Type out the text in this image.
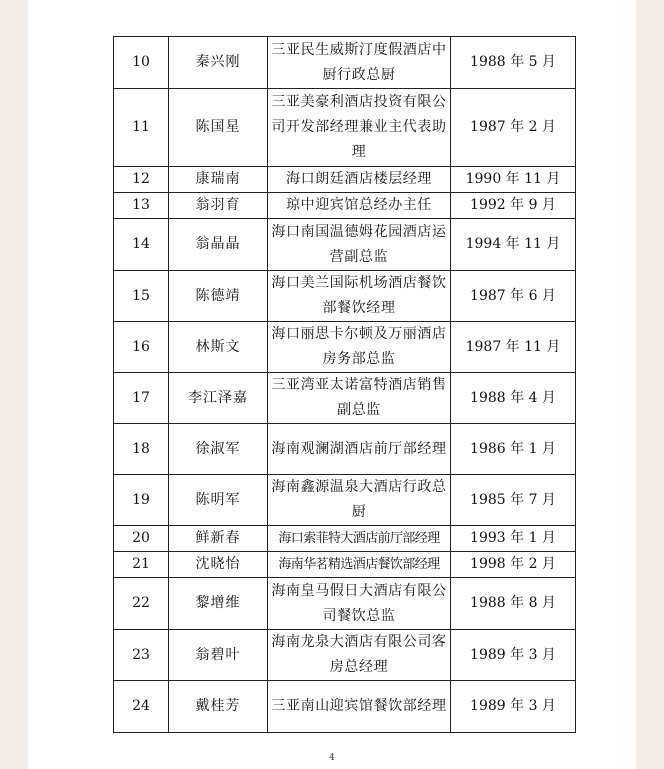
10	秦兴刚	三亚民生威斯汀度假酒店中厨行政总厨	1988 年 5 月
11	陈国星	三亚美豪利酒店投资有限公司开发部经理兼业主代表助理	1987 年 2 月
12	康瑞南	海口朗廷酒店楼层经理	1990 年 11 月
13	翁羽育	琼中迎宾馆总经办主任	1992 年 9 月
14	翁晶晶	海口南国温德姆花园酒店运营副总监	1994 年 11 月
15	陈德靖	海口美兰国际机场酒店餐饮部餐饮经理	1987 年 6 月
16	林斯文	海口丽思卡尔顿及万丽酒店房务部总监	1987 年 11 月
17	李江泽嘉	三亚湾亚太诺富特酒店销售副总监	1988 年 4 月
18	徐淑军	海南观澜湖酒店前厅部经理	1986 年 1 月
19	陈明军	海南鑫源温泉大酒店行政总厨	1985 年 7 月
20	鲜新春	海口索菲特大酒店前厅部经理	1993 年 1 月
21	沈晓怡	海南华茗精选酒店餐饮部经理	1998 年 2 月
22	黎增维	海南皇马假日大酒店有限公司餐饮总监	1988 年 8 月
23	翁碧叶	海南龙泉大酒店有限公司客房总经理	1989 年 3 月
24	戴桂芳	三亚南山迎宾馆餐饮部经理	1989 年 3 月
4
